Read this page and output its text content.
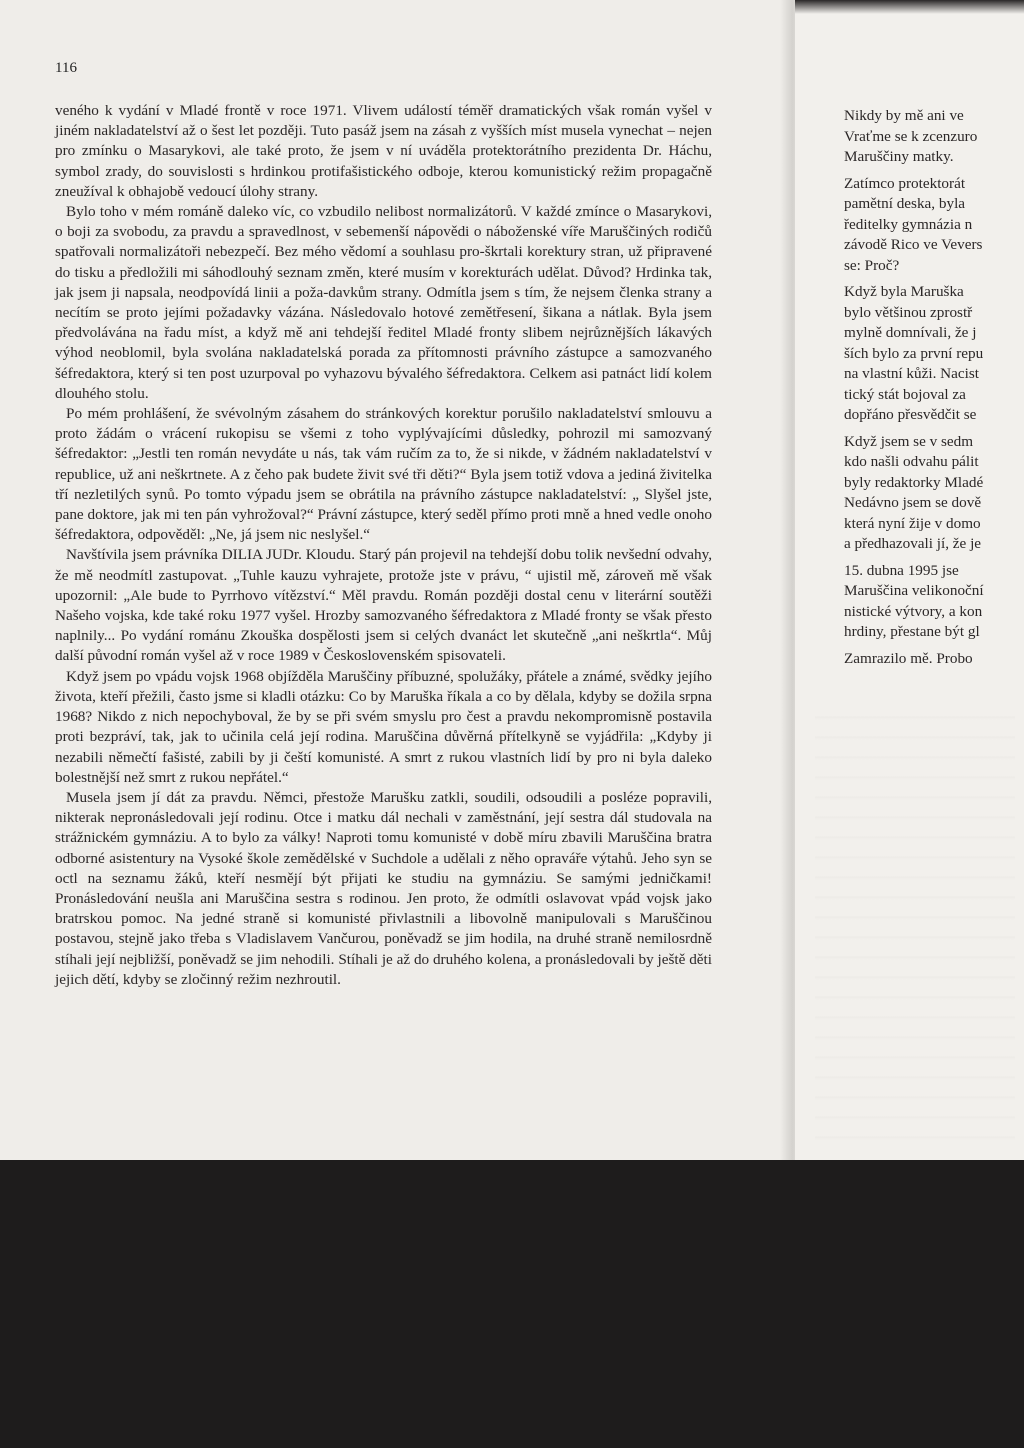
116

veného k vydání v Mladé frontě v roce 1971. Vlivem událostí téměř dramatických však román vyšel v jiném nakladatelství až o šest let později. Tuto pasáž jsem na zásah z vyšších míst musela vynechat – nejen pro zmínku o Masarykovi, ale také proto, že jsem v ní uváděla protektorátního prezidenta Dr. Háchu, symbol zrady, do souvislosti s hrdinkou protifašistického odboje, kterou komunistický režim propagačně zneužíval k obhajobě vedoucí úlohy strany.

Bylo toho v mém románě daleko víc, co vzbudilo nelibost normalizátorů. V každé zmínce o Masarykovi, o boji za svobodu, za pravdu a spravedlnost, v sebemenší nápovědi o náboženské víře Maruščiných rodičů spatřovali normalizátoři nebezpečí. Bez mého vědomí a souhlasu pro-škrtali korektury stran, už připravené do tisku a předložili mi sáhodlouhý seznam změn, které musím v korekturách udělat. Důvod? Hrdinka tak, jak jsem ji napsala, neodpovídá linii a poža-davkům strany. Odmítla jsem s tím, že nejsem členka strany a necítím se proto jejími požadavky vázána. Následovalo hotové zemětřesení, šikana a nátlak. Byla jsem předvolávána na řadu míst, a když mě ani tehdejší ředitel Mladé fronty slibem nejrůznějších lákavých výhod neoblomil, byla svolána nakladatelská porada za přítomnosti právního zástupce a samozvaného šéfredaktora, který si ten post uzurpoval po vyhazovu bývalého šéfredaktora. Celkem asi patnáct lidí kolem dlouhého stolu.

Po mém prohlášení, že svévolným zásahem do stránkových korektur porušilo nakladatelství smlouvu a proto žádám o vrácení rukopisu se všemi z toho vyplývajícími důsledky, pohrozil mi samozvaný šéfredaktor: „Jestli ten román nevydáte u nás, tak vám ručím za to, že si nikde, v žádném nakladatelství v republice, už ani neškrtnete. A z čeho pak budete živit své tři děti?“ Byla jsem totiž vdova a jediná živitelka tří nezletilých synů. Po tomto výpadu jsem se obrátila na právního zástupce nakladatelství: „ Slyšel jste, pane doktore, jak mi ten pán vyhrožoval?“ Právní zástupce, který seděl přímo proti mně a hned vedle onoho šéfredaktora, odpověděl: „Ne, já jsem nic neslyšel.“

Navštívila jsem právníka DILIA JUDr. Kloudu. Starý pán projevil na tehdejší dobu tolik nevšední odvahy, že mě neodmítl zastupovat. „Tuhle kauzu vyhrajete, protože jste v právu, “ ujistil mě, zároveň mě však upozornil: „Ale bude to Pyrrhovo vítězství.“ Měl pravdu. Román později dostal cenu v literární soutěži Našeho vojska, kde také roku 1977 vyšel. Hrozby samozvaného šéfredaktora z Mladé fronty se však přesto naplnily... Po vydání románu Zkouška dospělosti jsem si celých dvanáct let skutečně „ani neškrtla“. Můj další původní román vyšel až v roce 1989 v Československém spisovateli.

Když jsem po vpádu vojsk 1968 objížděla Maruščiny příbuzné, spolužáky, přátele a známé, svědky jejího života, kteří přežili, často jsme si kladli otázku: Co by Maruška říkala a co by dělala, kdyby se dožila srpna 1968? Nikdo z nich nepochyboval, že by se při svém smyslu pro čest a pravdu nekompromisně postavila proti bezpráví, tak, jak to učinila celá její rodina. Maruščina důvěrná přítelkyně se vyjádřila: „Kdyby ji nezabili němečtí fašisté, zabili by ji čeští komunisté. A smrt z rukou vlastních lidí by pro ni byla daleko bolestnější než smrt z rukou nepřátel.“

Musela jsem jí dát za pravdu. Němci, přestože Marušku zatkli, soudili, odsoudili a posléze popravili, nikterak nepronásledovali její rodinu. Otce i matku dál nechali v zaměstnání, její sestra dál studovala na strážnickém gymnáziu. A to bylo za války! Naproti tomu komunisté v době míru zbavili Maruščina bratra odborné asistentury na Vysoké škole zemědělské v Suchdole a udělali z něho opraváře výtahů. Jeho syn se octl na seznamu žáků, kteří nesmějí být přijati ke studiu na gymnáziu. Se samými jedničkami! Pronásledování neušla ani Maruščina sestra s rodinou. Jen proto, že odmítli oslavovat vpád vojsk jako bratrskou pomoc. Na jedné straně si komunisté přivlastnili a libovolně manipulovali s Maruščinou postavou, stejně jako třeba s Vladislavem Vančurou, poněvadž se jim hodila, na druhé straně nemilosrdně stíhali její nejbližší, poněvadž se jim nehodili. Stíhali je až do druhého kolena, a pronásledovali by ještě děti jejich dětí, kdyby se zločinný režim nezhroutil.

Nikdy by mě ani ve
Vraťme se k zcenzuro
Maruščiny matky.
Zatímco protektorát
pamětní deska, byla
ředitelky gymnázia n
závodě Rico ve Vevers
se: Proč?
Když byla Maruška
bylo většinou zprostř
mylně domnívali, že j
ších bylo za první repu
na vlastní kůži. Nacist
tický stát bojoval za
dopřáno přesvědčit se
Když jsem se v sedm
kdo našli odvahu pálit
byly redaktorky Mladé
Nedávno jsem se dově
která nyní žije v domo
a předhazovali jí, že je
15. dubna 1995 jse
Maruščina velikonoční
nistické výtvory, a kon
hrdiny, přestane být gl
Zamrazilo mě. Probo
